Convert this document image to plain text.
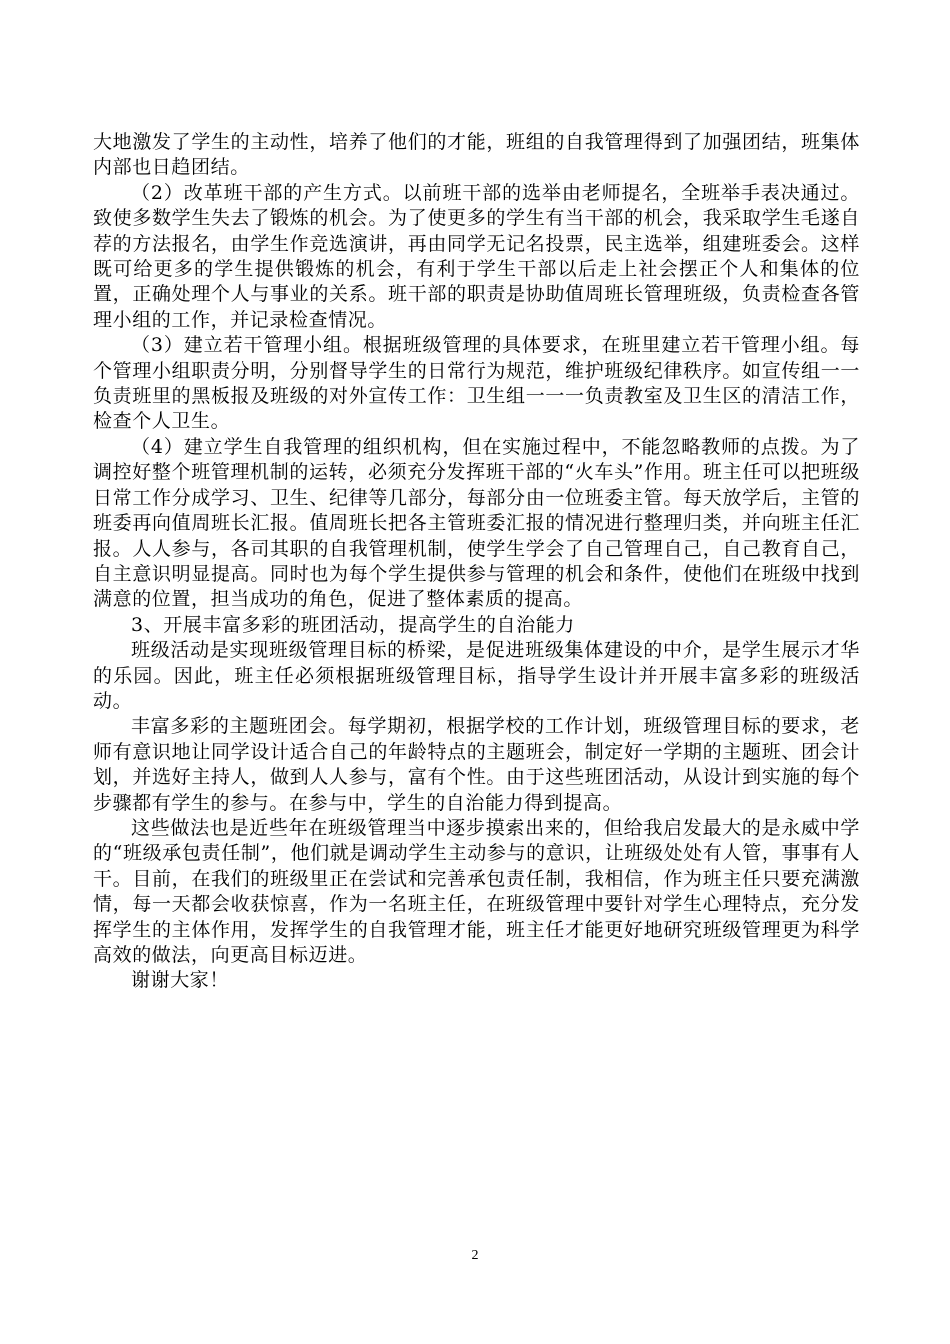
大地激发了学生的主动性，培养了他们的才能，班组的自我管理得到了加强团结，班集体内部也日趋团结。

（2）改革班干部的产生方式。以前班干部的选举由老师提名，全班举手表决通过。致使多数学生失去了锻炼的机会。为了使更多的学生有当干部的机会，我采取学生毛遂自荐的方法报名，由学生作竞选演讲，再由同学无记名投票，民主选举，组建班委会。这样既可给更多的学生提供锻炼的机会，有利于学生干部以后走上社会摆正个人和集体的位置，正确处理个人与事业的关系。班干部的职责是协助值周班长管理班级，负责检查各管理小组的工作，并记录检查情况。

（3）建立若干管理小组。根据班级管理的具体要求，在班里建立若干管理小组。每个管理小组职责分明，分别督导学生的日常行为规范，维护班级纪律秩序。如宣传组一一负责班里的黑板报及班级的对外宣传工作：卫生组一一一负责教室及卫生区的清洁工作，检查个人卫生。

（4）建立学生自我管理的组织机构，但在实施过程中，不能忽略教师的点拨。为了调控好整个班管理机制的运转，必须充分发挥班干部的“火车头”作用。班主任可以把班级日常工作分成学习、卫生、纪律等几部分，每部分由一位班委主管。每天放学后，主管的班委再向值周班长汇报。值周班长把各主管班委汇报的情况进行整理归类，并向班主任汇报。人人参与，各司其职的自我管理机制，使学生学会了自己管理自己，自己教育自己，自主意识明显提高。同时也为每个学生提供参与管理的机会和条件，使他们在班级中找到满意的位置，担当成功的角色，促进了整体素质的提高。

3、开展丰富多彩的班团活动，提高学生的自治能力

班级活动是实现班级管理目标的桥梁，是促进班级集体建设的中介，是学生展示才华的乐园。因此，班主任必须根据班级管理目标，指导学生设计并开展丰富多彩的班级活动。

丰富多彩的主题班团会。每学期初，根据学校的工作计划，班级管理目标的要求，老师有意识地让同学设计适合自己的年龄特点的主题班会，制定好一学期的主题班、团会计划，并选好主持人，做到人人参与，富有个性。由于这些班团活动，从设计到实施的每个步骤都有学生的参与。在参与中，学生的自治能力得到提高。

这些做法也是近些年在班级管理当中逐步摸索出来的，但给我启发最大的是永威中学的“班级承包责任制”，他们就是调动学生主动参与的意识，让班级处处有人管，事事有人干。目前，在我们的班级里正在尝试和完善承包责任制，我相信，作为班主任只要充满激情，每一天都会收获惊喜，作为一名班主任，在班级管理中要针对学生心理特点，充分发挥学生的主体作用，发挥学生的自我管理才能，班主任才能更好地研究班级管理更为科学高效的做法，向更高目标迈进。

谢谢大家！

2
